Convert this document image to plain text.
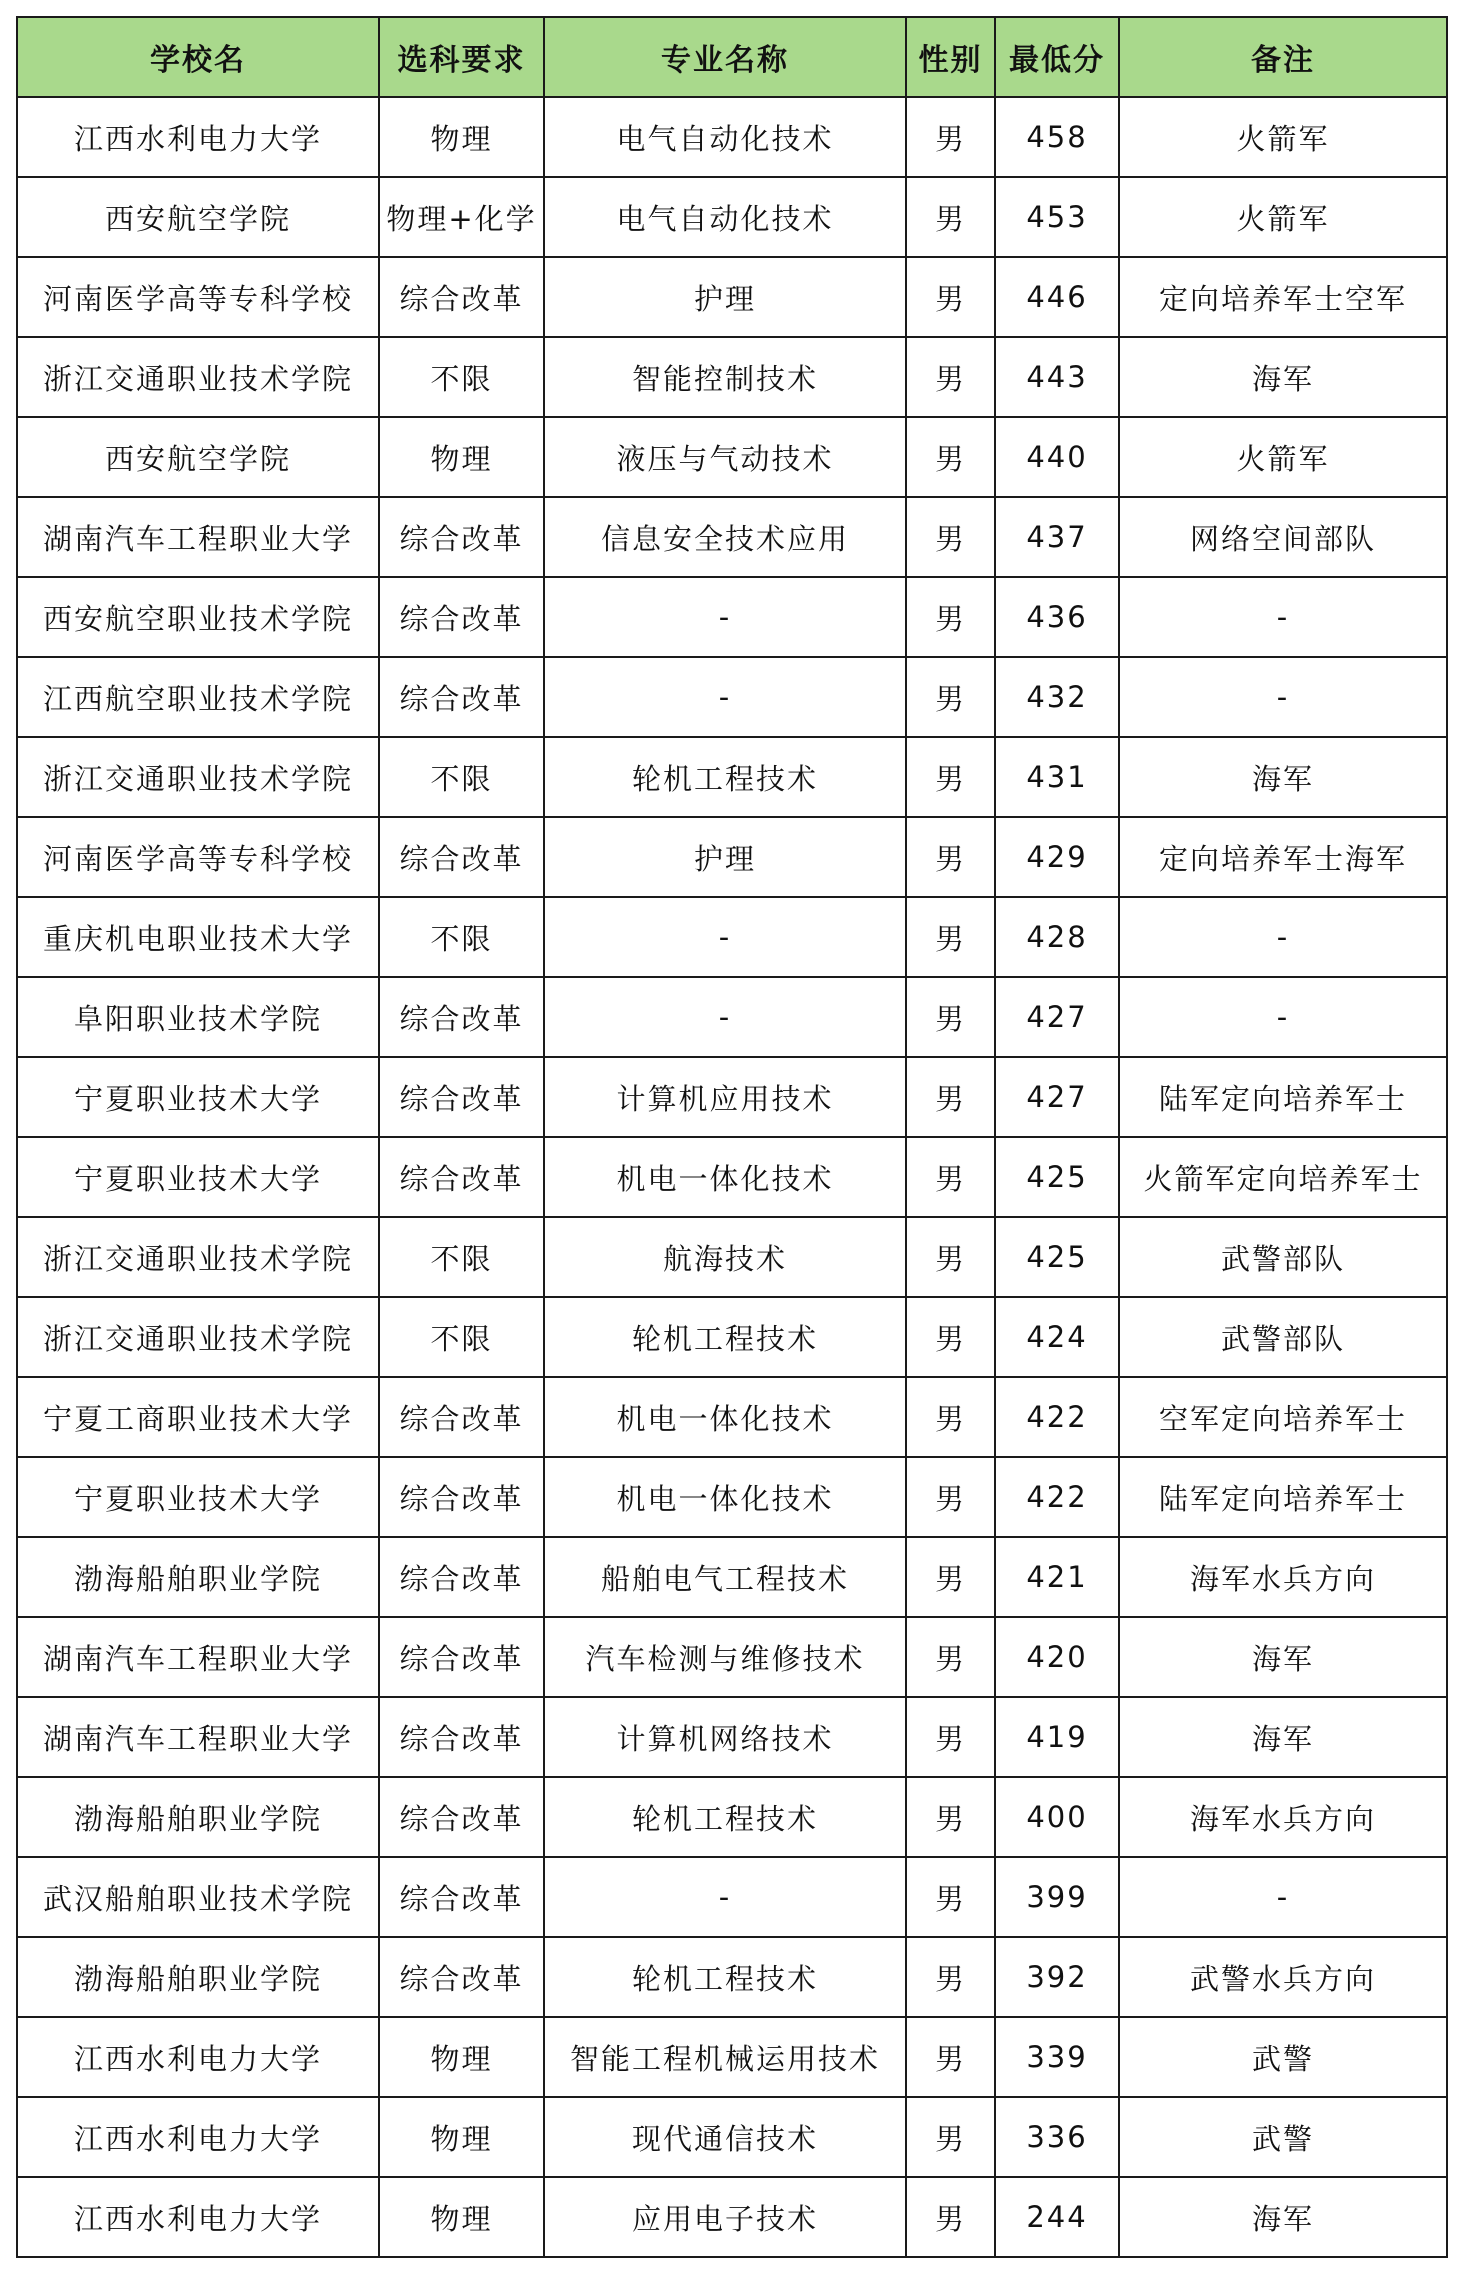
学校名	选科要求	专业名称	性别	最低分	备注
江西水利电力大学	物理	电气自动化技术	男	458	火箭军
西安航空学院	物理+化学	电气自动化技术	男	453	火箭军
河南医学高等专科学校	综合改革	护理	男	446	定向培养军士空军
浙江交通职业技术学院	不限	智能控制技术	男	443	海军
西安航空学院	物理	液压与气动技术	男	440	火箭军
湖南汽车工程职业大学	综合改革	信息安全技术应用	男	437	网络空间部队
西安航空职业技术学院	综合改革	-	男	436	-
江西航空职业技术学院	综合改革	-	男	432	-
浙江交通职业技术学院	不限	轮机工程技术	男	431	海军
河南医学高等专科学校	综合改革	护理	男	429	定向培养军士海军
重庆机电职业技术大学	不限	-	男	428	-
阜阳职业技术学院	综合改革	-	男	427	-
宁夏职业技术大学	综合改革	计算机应用技术	男	427	陆军定向培养军士
宁夏职业技术大学	综合改革	机电一体化技术	男	425	火箭军定向培养军士
浙江交通职业技术学院	不限	航海技术	男	425	武警部队
浙江交通职业技术学院	不限	轮机工程技术	男	424	武警部队
宁夏工商职业技术大学	综合改革	机电一体化技术	男	422	空军定向培养军士
宁夏职业技术大学	综合改革	机电一体化技术	男	422	陆军定向培养军士
渤海船舶职业学院	综合改革	船舶电气工程技术	男	421	海军水兵方向
湖南汽车工程职业大学	综合改革	汽车检测与维修技术	男	420	海军
湖南汽车工程职业大学	综合改革	计算机网络技术	男	419	海军
渤海船舶职业学院	综合改革	轮机工程技术	男	400	海军水兵方向
武汉船舶职业技术学院	综合改革	-	男	399	-
渤海船舶职业学院	综合改革	轮机工程技术	男	392	武警水兵方向
江西水利电力大学	物理	智能工程机械运用技术	男	339	武警
江西水利电力大学	物理	现代通信技术	男	336	武警
江西水利电力大学	物理	应用电子技术	男	244	海军
